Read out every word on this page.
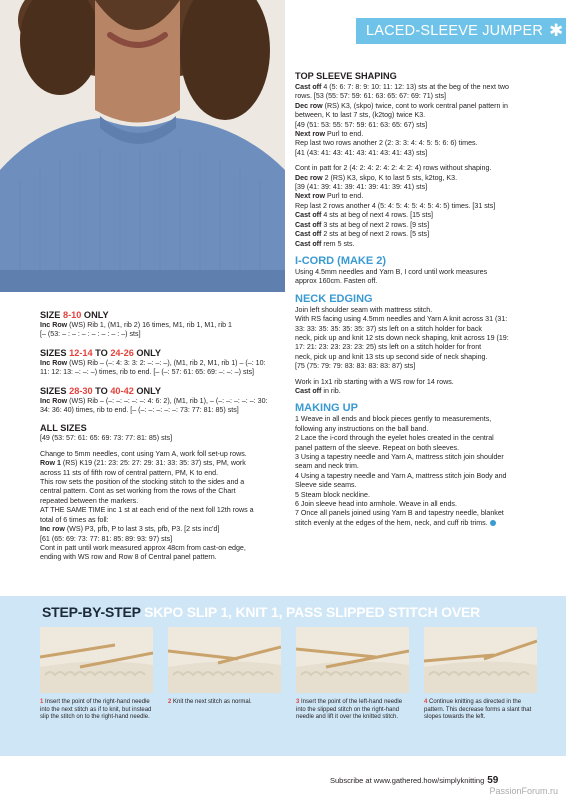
LACED-SLEEVE JUMPER ✱

SIZE 8-10 ONLY

Inc Row (WS) Rib 1, (M1, rib 2) 16 times, M1, rib 1, M1, rib 1

[– (53: – : – : – : – : – : – : –) sts]

SIZES 12-14 TO 24-26 ONLY

Inc Row (WS) Rib – (–: 4: 3: 3: 2: –: –: –), (M1, rib 2, M1, rib 1) – (–: 10:

11: 12: 13: –: –: –) times, rib to end. [– (–: 57: 61: 65: 69: –: –: –) sts]

SIZES 28-30 TO 40-42 ONLY

Inc Row (WS) Rib – (–: –: –: –: –: 4: 6: 2), (M1, rib 1), – (–: –: –: –: –: 30:

34: 36: 40) times, rib to end. [– (–: –: –: –: –: 73: 77: 81: 85) sts]

ALL SIZES

[49 (53: 57: 61: 65: 69: 73: 77: 81: 85) sts]

Change to 5mm needles, cont using Yarn A, work foll set-up rows.

Row 1 (RS) K19 (21: 23: 25: 27: 29: 31: 33: 35: 37) sts, PM, work

across 11 sts of fifth row of central pattern, PM, K to end.

This row sets the position of the stocking stitch to the sides and a

central pattern. Cont as set working from the rows of the Chart

repeated between the markers.

AT THE SAME TIME inc 1 st at each end of the next foll 12th rows a

total of 6 times as foll:

Inc row (WS) P3, pfb, P to last 3 sts, pfb, P3. [2 sts inc'd]

[61 (65: 69: 73: 77: 81: 85: 89: 93: 97) sts]

Cont in patt until work measured approx 48cm from cast-on edge,

ending with WS row and Row 8 of Central panel pattern.

TOP SLEEVE SHAPING

Cast off 4 (5: 6: 7: 8: 9: 10: 11: 12: 13) sts at the beg of the next two

rows. [53 (55: 57: 59: 61: 63: 65: 67: 69: 71) sts]

Dec row (RS) K3, (skpo) twice, cont to work central panel pattern in

between, K to last 7 sts, (k2tog) twice K3.

[49 (51: 53: 55: 57: 59: 61: 63: 65: 67) sts]

Next row Purl to end.

Rep last two rows another 2 (2: 3: 3: 4: 4: 5: 5: 6: 6) times.

[41 (43: 41: 43: 41: 43: 41: 43: 41: 43) sts]

Cont in patt for 2 (4: 2: 4: 2: 4: 2: 4: 2: 4) rows without shaping.

Dec row 2 (RS) K3, skpo, K to last 5 sts, k2tog, K3.

[39 (41: 39: 41: 39: 41: 39: 41: 39: 41) sts]

Next row Purl to end.

Rep last 2 rows another 4 (5: 4: 5: 4: 5: 4: 5: 4: 5) times. [31 sts]

Cast off 4 sts at beg of next 4 rows. [15 sts]

Cast off 3 sts at beg of next 2 rows. [9 sts]

Cast off 2 sts at beg of next 2 rows. [5 sts]

Cast off rem 5 sts.

I-CORD (MAKE 2)

Using 4.5mm needles and Yarn B, I cord until work measures

approx 160cm. Fasten off.

NECK EDGING

Join left shoulder seam with mattress stitch.

With RS facing using 4.5mm needles and Yarn A knit across 31 (31:

33: 33: 35: 35: 35: 35: 37) sts left on a stitch holder for back

neck, pick up and knit 12 sts down neck shaping, knit across 19 (19:

17: 21: 23: 23: 23: 23: 25) sts left on a stitch holder for front

neck, pick up and knit 13 sts up second side of neck shaping.

[75 (75: 79: 79: 83: 83: 83: 83: 87) sts]

Work in 1x1 rib starting with a WS row for 14 rows.

Cast off in rib.

MAKING UP

1 Weave in all ends and block pieces gently to measurements,

following any instructions on the ball band.

2 Lace the i-cord through the eyelet holes created in the central

panel pattern of the sleeve. Repeat on both sleeves.

3 Using a tapestry needle and Yarn A, mattress stitch join shoulder

seam and neck trim.

4 Using a tapestry needle and Yarn A, mattress stitch join Body and

Sleeve side seams.

5 Steam block neckline.

6 Join sleeve head into armhole. Weave in all ends.

7 Once all panels joined using Yarn B and tapestry needle, blanket

stitch evenly at the edges of the hem, neck, and cuff rib trims.

STEP-BY-STEP SKPO SLIP 1, KNIT 1, PASS SLIPPED STITCH OVER
1 Insert the point of the right-hand needle into the next stitch as if to knit, but instead slip the stitch on to the right-hand needle.
2 Knit the next stitch as normal.	3 Insert the point of the left-hand needle into the slipped stitch on the right-hand needle and lift it over the knitted stitch.
4 Continue knitting as directed in the pattern. This decrease forms a slant that slopes towards the left.
Subscribe at www.gathered.how/simplyknitting 59
PassionForum.ru
